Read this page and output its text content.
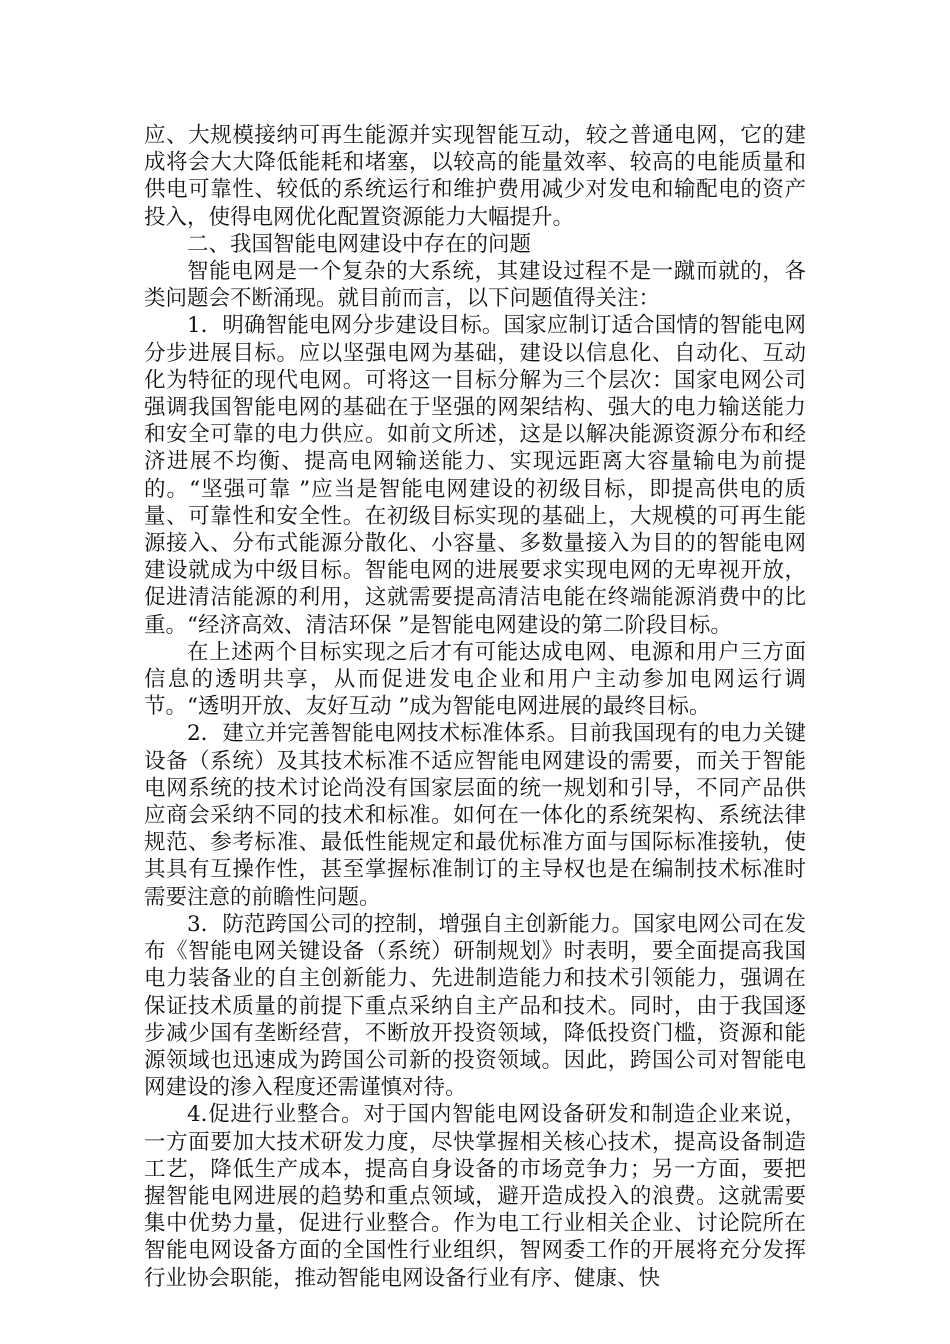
应、大规模接纳可再生能源并实现智能互动，较之普通电网，它的建成将会大大降低能耗和堵塞，以较高的能量效率、较高的电能质量和供电可靠性、较低的系统运行和维护费用减少对发电和输配电的资产投入，使得电网优化配置资源能力大幅提升。

二、我国智能电网建设中存在的问题

智能电网是一个复杂的大系统，其建设过程不是一蹴而就的，各类问题会不断涌现。就目前而言，以下问题值得关注：

1．明确智能电网分步建设目标。国家应制订适合国情的智能电网分步进展目标。应以坚强电网为基础，建设以信息化、自动化、互动化为特征的现代电网。可将这一目标分解为三个层次：国家电网公司强调我国智能电网的基础在于坚强的网架结构、强大的电力输送能力和安全可靠的电力供应。如前文所述，这是以解决能源资源分布和经济进展不均衡、提高电网输送能力、实现远距离大容量输电为前提的。“坚强可靠 ”应当是智能电网建设的初级目标，即提高供电的质量、可靠性和安全性。在初级目标实现的基础上，大规模的可再生能源接入、分布式能源分散化、小容量、多数量接入为目的的智能电网建设就成为中级目标。智能电网的进展要求实现电网的无卑视开放，促进清洁能源的利用，这就需要提高清洁电能在终端能源消费中的比重。“经济高效、清洁环保 ”是智能电网建设的第二阶段目标。

在上述两个目标实现之后才有可能达成电网、电源和用户三方面信息的透明共享，从而促进发电企业和用户主动参加电网运行调节。“透明开放、友好互动 ”成为智能电网进展的最终目标。

2．建立并完善智能电网技术标准体系。目前我国现有的电力关键设备（系统）及其技术标准不适应智能电网建设的需要，而关于智能电网系统的技术讨论尚没有国家层面的统一规划和引导，不同产品供应商会采纳不同的技术和标准。如何在一体化的系统架构、系统法律规范、参考标准、最低性能规定和最优标准方面与国际标准接轨，使其具有互操作性，甚至掌握标准制订的主导权也是在编制技术标准时需要注意的前瞻性问题。

3．防范跨国公司的控制，增强自主创新能力。国家电网公司在发布《智能电网关键设备（系统）研制规划》时表明，要全面提高我国电力装备业的自主创新能力、先进制造能力和技术引领能力，强调在保证技术质量的前提下重点采纳自主产品和技术。同时，由于我国逐步减少国有垄断经营，不断放开投资领域，降低投资门槛，资源和能源领域也迅速成为跨国公司新的投资领域。因此，跨国公司对智能电网建设的渗入程度还需谨慎对待。

4.促进行业整合。对于国内智能电网设备研发和制造企业来说，一方面要加大技术研发力度，尽快掌握相关核心技术，提高设备制造工艺，降低生产成本，提高自身设备的市场竞争力；另一方面，要把握智能电网进展的趋势和重点领域，避开造成投入的浪费。这就需要集中优势力量，促进行业整合。作为电工行业相关企业、讨论院所在智能电网设备方面的全国性行业组织，智网委工作的开展将充分发挥行业协会职能，推动智能电网设备行业有序、健康、快
